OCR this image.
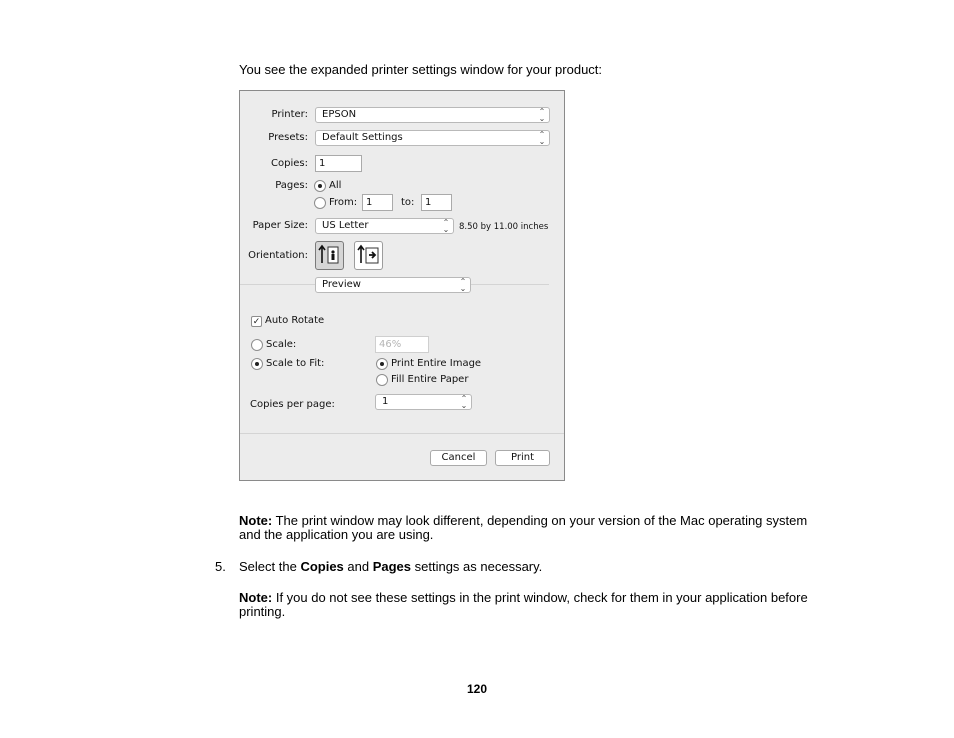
You see the expanded printer settings window for your product:
Printer:	EPSON	⌃
⌄
Presets:	Default Settings	⌃
⌄
Copies:	1
Pages: All
From: 1	to:	1
Paper Size:	US Letter	⌃
⌄ 8.50 by 11.00 inches
Orientation:
Preview	⌃
⌄
✓ Auto Rotate
Scale:	46%
Scale to Fit:	Print Entire Image
Fill Entire Paper
Copies per page:	1	⌃
⌄
Cancel	Print
Note: The print window may look different, depending on your version of the Mac operating system
and the application you are using.
5. Select the Copies and Pages settings as necessary.
Note: If you do not see these settings in the print window, check for them in your application before
printing.
120
